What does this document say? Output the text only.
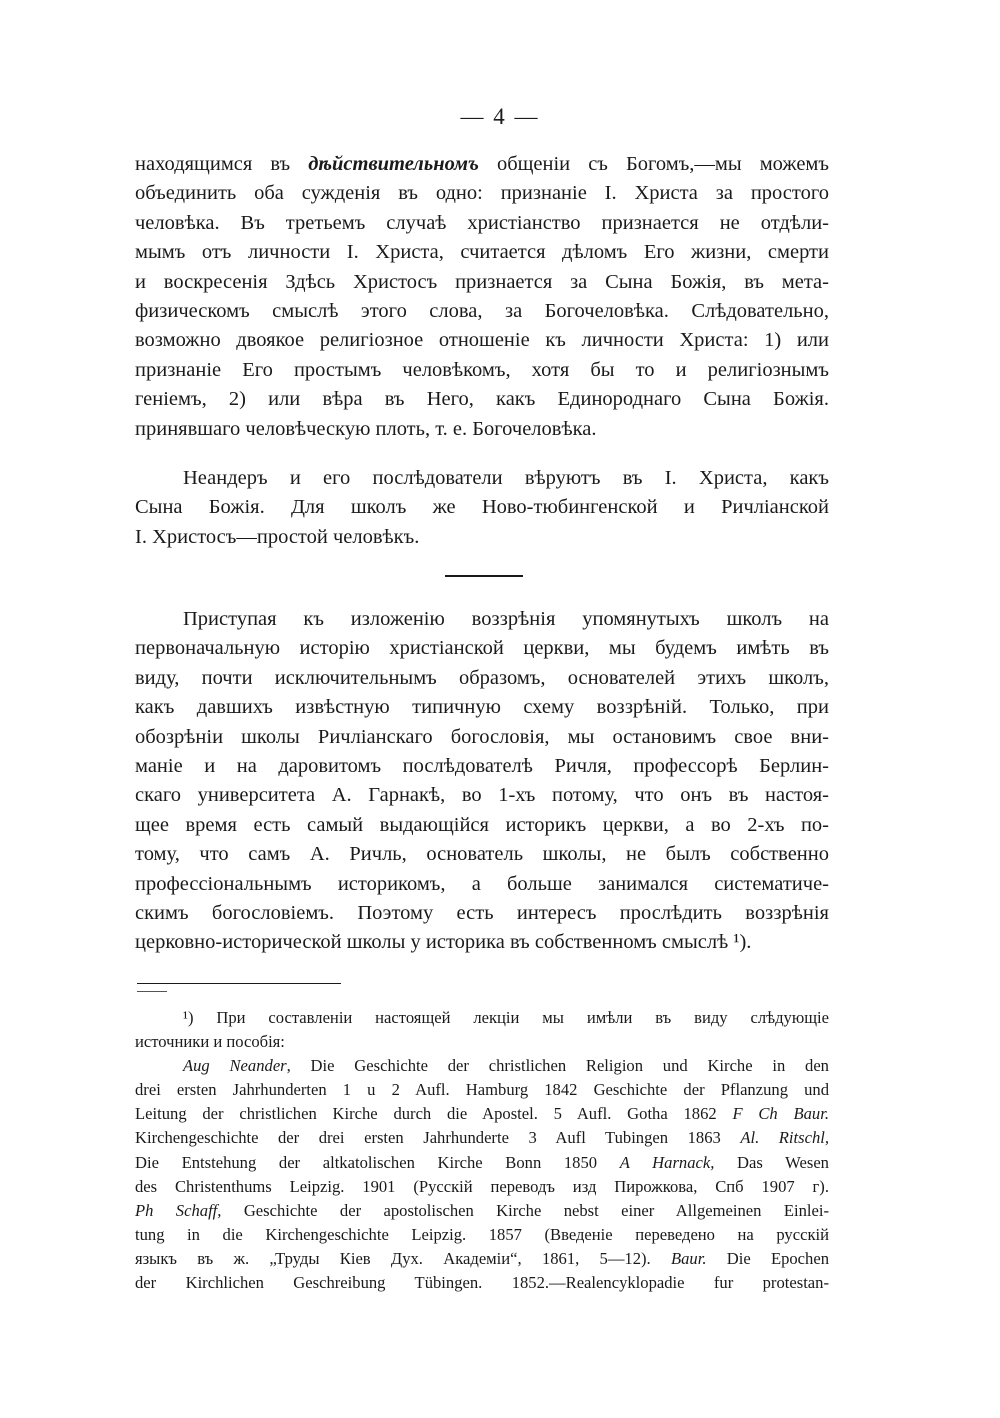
— 4 —
находящимся въ дѣйствительномъ общеніи съ Богомъ,—мы можемъ
объединить оба сужденія въ одно: признаніе I. Христа за простого
человѣка. Въ третьемъ случаѣ христіанство признается не отдѣли-
мымъ отъ личности I. Христа, считается дѣломъ Его жизни, смерти
и воскресенія Здѣсь Христосъ признается за Сына Божія, въ мета-
физическомъ смыслѣ этого слова, за Богочеловѣка. Слѣдовательно,
возможно двоякое религіозное отношеніе къ личности Христа: 1) или
признаніе Его простымъ человѣкомъ, хотя бы то и религіознымъ
геніемъ, 2) или вѣра въ Него, какъ Единороднаго Сына Божія.
принявшаго человѣческую плоть, т. е. Богочеловѣка.
Неандеръ и его послѣдователи вѣруютъ въ I. Христа, какъ
Сына Божія. Для школъ же Ново-тюбингенской и Ричліанской
I. Христосъ—простой человѣкъ.
Приступая къ изложенію воззрѣнія упомянутыхъ школъ на
первоначальную исторію христіанской церкви, мы будемъ имѣть въ
виду, почти исключительнымъ образомъ, основателей этихъ школъ,
какъ давшихъ извѣстную типичную схему воззрѣній. Только, при
обозрѣніи школы Ричліанскаго богословія, мы остановимъ свое вни-
маніе и на даровитомъ послѣдователѣ Ричля, профессорѣ Берлин-
скаго университета А. Гарнакѣ, во 1-хъ потому, что онъ въ настоя-
щее время есть самый выдающійся историкъ церкви, а во 2-хъ по-
тому, что самъ А. Ричль, основатель школы, не былъ собственно
профессіональнымъ историкомъ, а больше занимался систематиче-
скимъ богословіемъ. Поэтому есть интересъ прослѣдить воззрѣнія
церковно-исторической школы у историка въ собственномъ смыслѣ ¹).
¹) При составленіи настоящей лекціи мы имѣли въ виду слѣдующіе
источники и пособія:
Aug Neander, Die Geschichte der christlichen Religion und Kirche in den
drei ersten Jahrhunderten 1 u 2 Aufl. Hamburg 1842 Geschichte der Pflanzung und
Leitung der christlichen Kirche durch die Apostel. 5 Aufl. Gotha 1862 F Ch Baur.
Kirchengeschichte der drei ersten Jahrhunderte 3 Aufl Tubingen 1863 Al. Ritschl,
Die Entstehung der altkatolischen Kirche Bonn 1850 A Harnack, Das Wesen
des Christenthums Leipzig. 1901 (Русскій переводъ изд Пирожкова, Спб 1907 г).
Ph Schaff, Geschichte der apostolischen Kirche nebst einer Allgemeinen Einlei-
tung in die Kirchengeschichte Leipzig. 1857 (Введеніе переведено на русскій
языкъ въ ж. „Труды Кіев Дух. Академіи“, 1861, 5—12). Baur. Die Epochen
der Kirchlichen Geschreibung Tübingen. 1852.—Realencyklopadie fur protestan-
